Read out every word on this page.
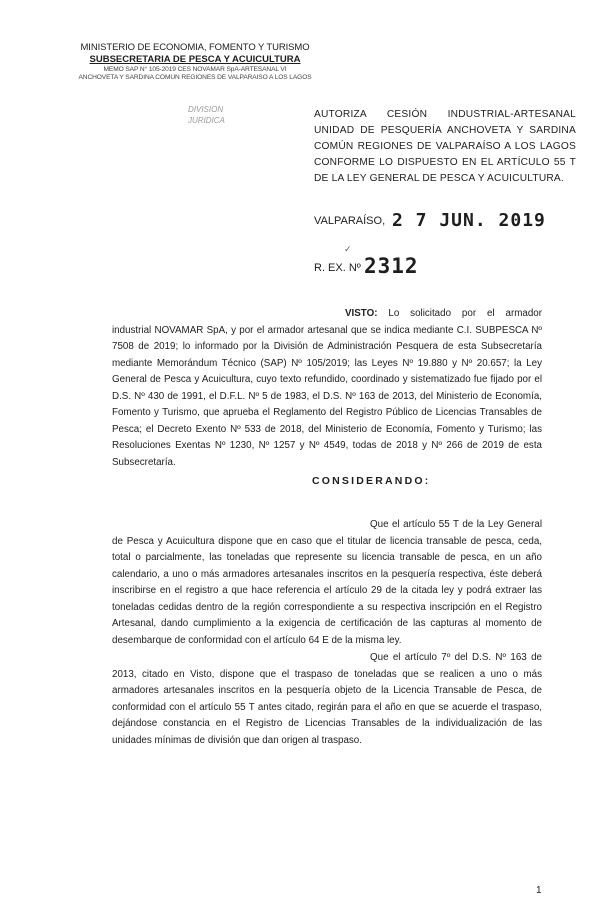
MINISTERIO DE ECONOMIA, FOMENTO Y TURISMO
SUBSECRETARIA DE PESCA Y ACUICULTURA
MEMO SAP N° 105-2019 CES NOVAMAR SpA-ARTESANAL VI
ANCHOVETA Y SARDINA COMUN REGIONES DE VALPARAISO A LOS LAGOS
DIVISION
JURIDICA
AUTORIZA CESIÓN INDUSTRIAL-ARTESANAL UNIDAD DE PESQUERÍA ANCHOVETA Y SARDINA COMÚN REGIONES DE VALPARAÍSO A LOS LAGOS CONFORME LO DISPUESTO EN EL ARTÍCULO 55 T DE LA LEY GENERAL DE PESCA Y ACUICULTURA.
VALPARAÍSO, 2 7 JUN. 2019
✓
R. EX. Nº 2312
VISTO: Lo solicitado por el armador industrial NOVAMAR SpA, y por el armador artesanal que se indica mediante C.I. SUBPESCA Nº 7508 de 2019; lo informado por la División de Administración Pesquera de esta Subsecretaría mediante Memorándum Técnico (SAP) Nº 105/2019; las Leyes Nº 19.880 y Nº 20.657; la Ley General de Pesca y Acuicultura, cuyo texto refundido, coordinado y sistematizado fue fijado por el D.S. Nº 430 de 1991, el D.F.L. Nº 5 de 1983, el D.S. Nº 163 de 2013, del Ministerio de Economía, Fomento y Turismo, que aprueba el Reglamento del Registro Público de Licencias Transables de Pesca; el Decreto Exento Nº 533 de 2018, del Ministerio de Economía, Fomento y Turismo; las Resoluciones Exentas Nº 1230, Nº 1257 y Nº 4549, todas de 2018 y Nº 266 de 2019 de esta Subsecretaría.
CONSIDERANDO:
Que el artículo 55 T de la Ley General de Pesca y Acuicultura dispone que en caso que el titular de licencia transable de pesca, ceda, total o parcialmente, las toneladas que represente su licencia transable de pesca, en un año calendario, a uno o más armadores artesanales inscritos en la pesquería respectiva, éste deberá inscribirse en el registro a que hace referencia el artículo 29 de la citada ley y podrá extraer las toneladas cedidas dentro de la región correspondiente a su respectiva inscripción en el Registro Artesanal, dando cumplimiento a la exigencia de certificación de las capturas al momento de desembarque de conformidad con el artículo 64 E de la misma ley.
Que el artículo 7º del D.S. Nº 163 de 2013, citado en Visto, dispone que el traspaso de toneladas que se realicen a uno o más armadores artesanales inscritos en la pesquería objeto de la Licencia Transable de Pesca, de conformidad con el artículo 55 T antes citado, regirán para el año en que se acuerde el traspaso, dejándose constancia en el Registro de Licencias Transables de la individualización de las unidades mínimas de división que dan origen al traspaso.
1
